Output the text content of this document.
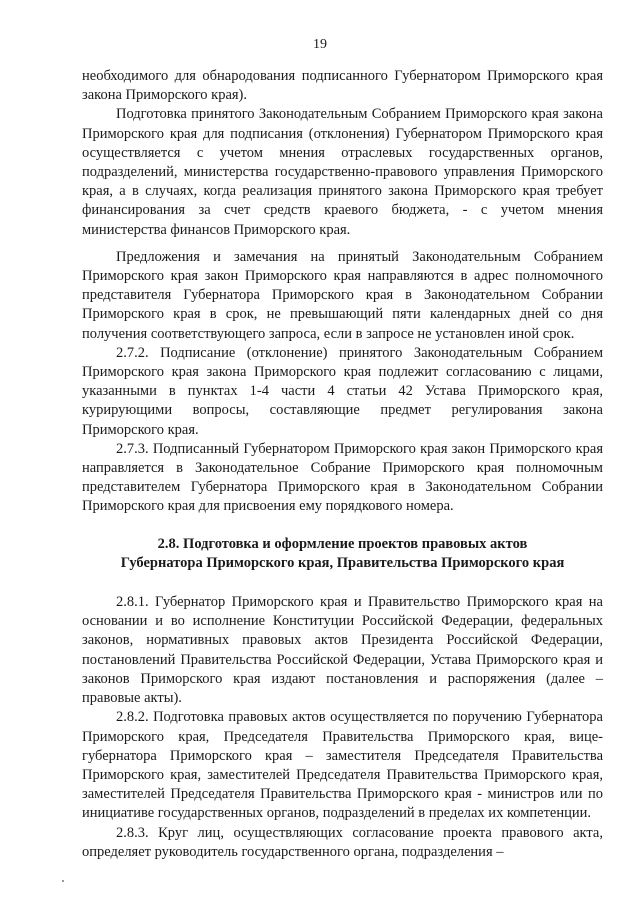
19

необходимого для обнародования подписанного Губернатором Приморского края закона Приморского края).

Подготовка принятого Законодательным Собранием Приморского края закона Приморского края для подписания (отклонения) Губернатором Приморского края осуществляется с учетом мнения отраслевых государственных органов, подразделений, министерства государственно-правового управления Приморского края, а в случаях, когда реализация принятого закона Приморского края требует финансирования за счет средств краевого бюджета, - с учетом мнения министерства финансов Приморского края.

Предложения и замечания на принятый Законодательным Собранием Приморского края закон Приморского края направляются в адрес полномочного представителя Губернатора Приморского края в Законодательном Собрании Приморского края в срок, не превышающий пяти календарных дней со дня получения соответствующего запроса, если в запросе не установлен иной срок.

2.7.2. Подписание (отклонение) принятого Законодательным Собранием Приморского края закона Приморского края подлежит согласованию с лицами, указанными в пунктах 1-4 части 4 статьи 42 Устава Приморского края, курирующими вопросы, составляющие предмет регулирования закона Приморского края.

2.7.3. Подписанный Губернатором Приморского края закон Приморского края направляется в Законодательное Собрание Приморского края полномочным представителем Губернатора Приморского края в Законодательном Собрании Приморского края для присвоения ему порядкового номера.

2.8. Подготовка и оформление проектов правовых актов
Губернатора Приморского края, Правительства Приморского края

2.8.1. Губернатор Приморского края и Правительство Приморского края на основании и во исполнение Конституции Российской Федерации, федеральных законов, нормативных правовых актов Президента Российской Федерации, постановлений Правительства Российской Федерации, Устава Приморского края и законов Приморского края издают постановления и распоряжения (далее – правовые акты).

2.8.2. Подготовка правовых актов осуществляется по поручению Губернатора Приморского края, Председателя Правительства Приморского края, вице-губернатора Приморского края – заместителя Председателя Правительства Приморского края, заместителей Председателя Правительства Приморского края, заместителей Председателя Правительства Приморского края - министров или по инициативе государственных органов, подразделений в пределах их компетенции.

2.8.3. Круг лиц, осуществляющих согласование проекта правового акта, определяет руководитель государственного органа, подразделения –
